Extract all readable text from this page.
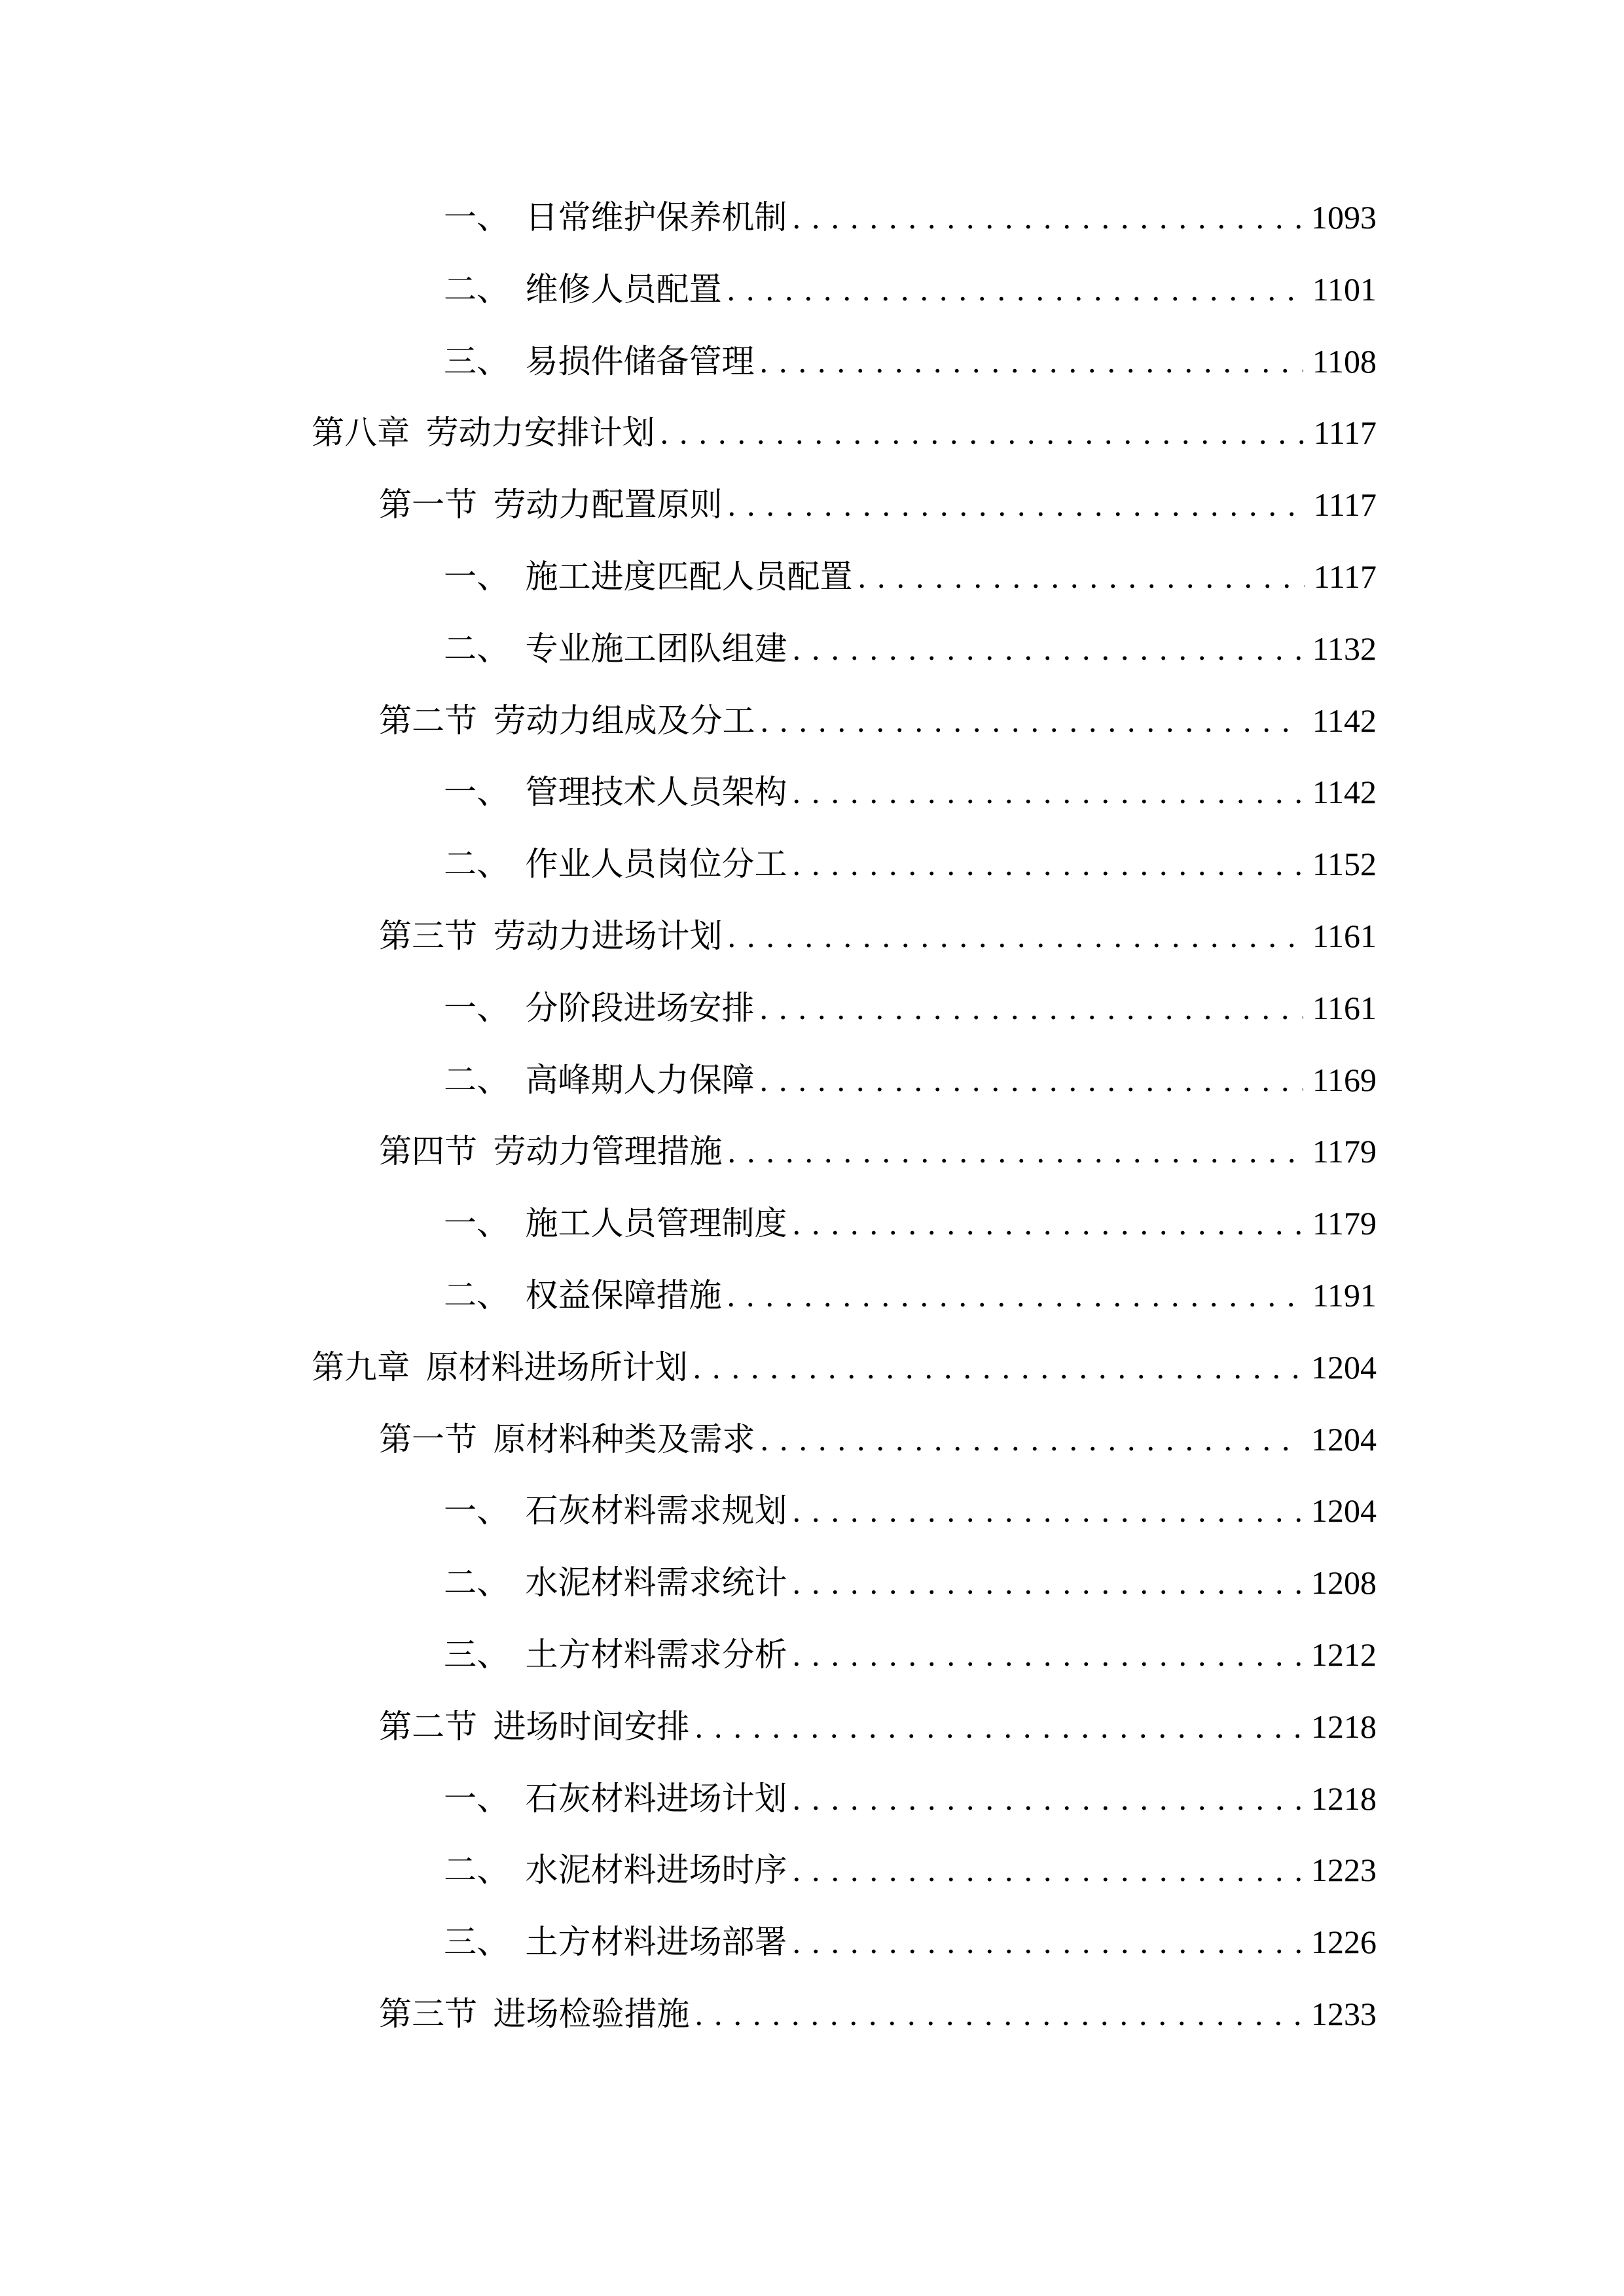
一、 日常维护保养机制 .....	1093
二、 维修人员配置 .....	1101
三、 易损件储备管理 .....	1108
第八章 劳动力安排计划 .....	1117
第一节 劳动力配置原则 .....	1117
一、 施工进度匹配人员配置 .....	1117
二、 专业施工团队组建 .....	1132
第二节 劳动力组成及分工 .....	1142
一、 管理技术人员架构 .....	1142
二、 作业人员岗位分工 .....	1152
第三节 劳动力进场计划 .....	1161
一、 分阶段进场安排 .....	1161
二、 高峰期人力保障 .....	1169
第四节 劳动力管理措施 .....	1179
一、 施工人员管理制度 .....	1179
二、 权益保障措施 .....	1191
第九章 原材料进场所计划 .....	1204
第一节 原材料种类及需求 .....	1204
一、 石灰材料需求规划 .....	1204
二、 水泥材料需求统计 .....	1208
三、 土方材料需求分析 .....	1212
第二节 进场时间安排 .....	1218
一、 石灰材料进场计划 .....	1218
二、 水泥材料进场时序 .....	1223
三、 土方材料进场部署 .....	1226
第三节 进场检验措施 .....	1233
